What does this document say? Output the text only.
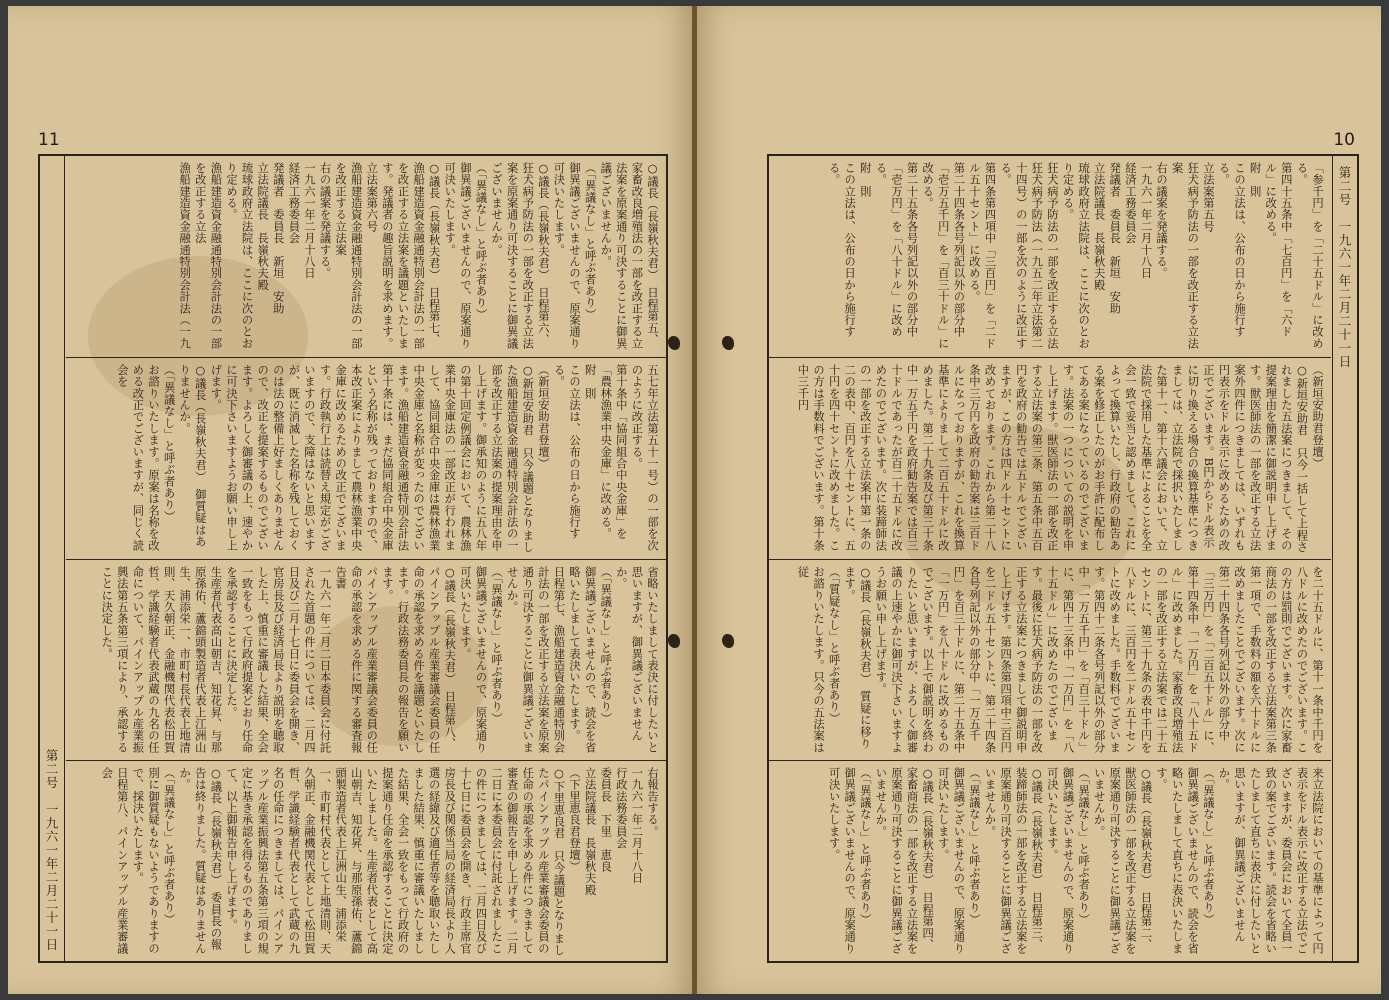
11
第二号　一九六一年二月二十一日
○議長（長嶺秋夫君）　日程第五、家畜改良増殖法の一部を改正する立法案を原案通り可決することに御異議ございませんか。
（「異議なし」と呼ぶ者あり）
御異議ございませんので、原案通り可決いたします。
○議長（長嶺秋夫君）　日程第六、狂犬病予防法の一部を改正する立法案を原案通り可決することに御異議ございませんか。
（「異議なし」と呼ぶ者あり）
御異議ございませんので、原案通り可決いたします。
○議長（長嶺秋夫君）　日程第七、漁船建造資金融通特別会計法の一部を改正する立法案を議題といたします。発議者の趣旨説明を求めます。
立法案第六号
漁船建造資金融通特別会計法の一部を改正する立法案
右の議案を発議する。
一九六一年二月十八日
経済工務委員会
発議者　委員長　新垣　安助
立法院議長　長嶺秋夫殿
琉球政府立法院は、ここに次のとおり定める。
漁船建造資金融通特別会計法の一部を改正する立法
漁船建造資金融通特別会計法（一九
五七年立法第五十一号）の一部を次のように改正する。
第十条中「協同組合中央金庫」を「農林漁業中央金庫」に改める。
附　則
この立法は、公布の日から施行する。
（新垣安助君登壇）
○新垣安助君　只今議題となりました漁船建造資金融通特別会計法の一部を改正する立法案の提案理由を申し上げます。御承知のように五八年の第十回定例議会において、農林漁業中央金庫法の一部改正が行われまして、協同組合中央金庫は農林漁業中央金庫と名称が変ったのでございます。漁船建造資金融通特別会計法第十条には、まだ協同組合中央金庫という名称が残っておりますので、本改正案によりまして農林漁業中央金庫に改めるための改正でございます。行政執行上は読替え規定がございますので、支障はないと思いますが、既に消滅した名称を残しておくのは法の整備上好ましくありませんので、改正を提案するものでございます。よろしく御審議の上、速やかに可決下さいますようお願い申し上げます。
○議長（長嶺秋夫君）　御質疑はありませんか。
（「異議なし」と呼ぶ者あり）
お諮りいたします。原案は名称を改める改正でございますが、同じく読会を
省略いたしまして表決に付したいと思いますが、御異議ございませんか。
（「異議なし」と呼ぶ者あり）
御異議ございませんので、読会を省略いたしまして表決いたします。
日程第七、漁船建造資金融通特別会計法の一部を改正する立法案を原案通り可決することに御異議ございませんか。
（「異議なし」と呼ぶ者あり）
御異議ございませんので、原案通り可決いたします。
○議長（長嶺秋夫君）　日程第八、パインアップル産業審議会委員の任命の承認を求める件を議題といたします。行政法務委員長の報告を願います。
パインアップル産業審議会委員の任命の承認を求める件に関する審査報告書
一九六一年二月二日本委員会に付託された首題の件については、二月四日及び二月十七日に委員会を開き、官房長及び経済局長より説明を聴取した上、慎重に審議した結果、全会一致をもって行政府提案どおり任命を承認することに決定した。
生産者代表高山朝吉、知花昇、与那原孫佑、蘆錦頭製造者代表上江洲山生、浦添栄一、市町村長代表上地清則、天久朝正、金融機関代表松田賀哲、学識経験者代表武蔵の九名の任命について、パインアップル産業振興法第五条第三項により、承認することに決定した。
右報告する。
一九六一年二月十八日
行政法務委員会
委員長　下里　恵良
立法院議長　長嶺秋夫殿
（下里恵良君登壇）
○下里恵良君　只今議題となりましたパインアップル産業審議会委員の任命の承認を求める件につきまして審査の御報告を申し上げます。二月二日に本委員会に付託されましたこの件につきましては、二月四日及び十七日に委員会を開き、行政主席官房長及び関係当局の経済局長より人選の経緯及び適任者等を聴取いたしました結果、慎重に審議いたしました結果、全会一致をもって行政府の提案通り任命を承認することに決定いたしました。生産者代表として高山朝吉、知花昇、与那原孫佑、蘆錦頭製造者代表上江洲山生、浦添栄一、市町村代表として上地清則、天久朝正、金融機関代表として松田賀哲、学識経験者代表として武蔵の九名の任命につきましては、パインアップル産業振興法第五条第三項の規定に基き承認を得るものでありまして、以上御報告申し上げます。
○議長（長嶺秋夫君）　委員長の報告は終りました。質疑はありませんか。
（「異議なし」と呼ぶ者あり）
別に御質疑もないようでありますので、採決いたします。
日程第八、パインアップル産業審議会
10
第二号　一九六一年二月二十一日
「参千円」を「二十五ドル」に改める。
第四十五条中「七百円」を「六ドル」に改める。
附　則
この立法は、公布の日から施行する。
立法案第五号
狂犬病予防法の一部を改正する立法案
右の議案を発議する。
一九六一年二月十八日
経済工務委員会
発議者　委員長　新垣　安助
立法院議長　長嶺秋夫殿
琉球政府立法院は、ここに次のとおり定める。
狂犬病予防法の一部を改正する立法
狂犬病予防法（一九五二年立法第二十四号）の一部を次のように改正する。
第四条第四項中「三百円」を「二ドル五十セント」に改める。
第二十四条各号列記以外の部分中「壱万五千円」を「百三十ドル」に改める。
第二十五条各号列記以外の部分中「壱万円」を「八十ドル」に改める。
附　則
この立法は、公布の日から施行する。
（新垣安助君登壇）
○新垣安助君　只今一括して上程されました五法案につきまして、その提案理由を簡潔に御説明申し上げます。獣医師法の一部を改正する立法案外四件につきましては、いずれも円表示をドル表示に改めるための改正でございます。B円からドル表示に切り換える場合の換算基準につきましては、立法院で採択いたしました第十一、第十六議会において、立法院で採用した基準によることを全会一致で妥当と認めまして、これによって換算いたし、行政府の勧告ある案を修正したのがお手許に配布してある案になっているのでございます。法案の一つについての説明を申し上げます。獣医師法の一部を改正する立法案の第三条、第五条中五百円を政府の勧告では五ドルでございますが、この方は四ドル十セントに改めております。これから第二十八条中三万円を政府の勧告案は三百ドルになっておりますが、これを換算基準によりまして二百五十ドルに改めました。第二十九条及び第三十条中一万五千円を政府勧告案では百三十ドルであったが百二十五ドルに改めたのでございます。次に装蹄師法の一部を改正する立法案中第一条の二の表中、百円を八十セントに、五十円を四十セントに改めました。この方は手数料でございます。第十条中三千円
を二十五ドルに、第十一条中千円を八ドルに改めたのでございます。この方は罰則でございます。次に家畜商法の一部を改正する立法案第三条第一項で、手数料の額を六十ドルに改めましたことでございます。次に第二十四条各号列記以外の部分中「三万円」を「二百五十ドル」に、第十四条中「一万円」を「八十五ドル」に改めました。家畜改良増殖法の一部を改正する立法案では二十五セントに、第三十九条の表中千円を八ドルに、三百円を二ドル五十セントに改めました。手数料でございます。第四十二条各号列記以外の部分中「一万五千円」を「百三十ドル」に、第四十三条中「一万円」を「八十五ドル」に改めたのでございます。最後に狂犬病予防法の一部を改正する立法案につきまして御説明申し上げます。第四条第四項中三百円を二ドル五十セントに、第二十四条各号列記以外の部分中「一万五千円」を百三十ドルに、第二十五条中「一万円」を八十ドルに改めるものでございます。以上で御説明を終わりたいと思いますが、よろしく御審議の上速やかに御可決下さいますようお願い申し上げます。
○議長（長嶺秋夫君）　質疑に移ります。
（「質疑なし」と呼ぶ者あり）
お諮りいたします。只今の五法案は従
来立法院においての基準によって円表示をドル表示に改正する立法でございますが、委員会において全員一致の案でございます。読会を省略いたしまして直ちに表決に付したいと思いますが、御異議ございませんか。
（「異議なし」と呼ぶ者あり）
御異議ございませんので、読会を省略いたしまして直ちに表決いたします。
○議長（長嶺秋夫君）　日程第二、獣医師法の一部を改正する立法案を原案通り可決することに御異議ございませんか。
（「異議なし」と呼ぶ者あり）
御異議ございませんので、原案通り可決いたします。
○議長（長嶺秋夫君）　日程第三、装蹄師法の一部を改正する立法案を原案通り可決することに御異議ございませんか。
（「異議なし」と呼ぶ者あり）
御異議ございませんので、原案通り可決いたします。
○議長（長嶺秋夫君）　日程第四、家畜商法の一部を改正する立法案を原案通り可決することに御異議ございませんか。
（「異議なし」と呼ぶ者あり）
御異議ございませんので、原案通り可決いたします。
